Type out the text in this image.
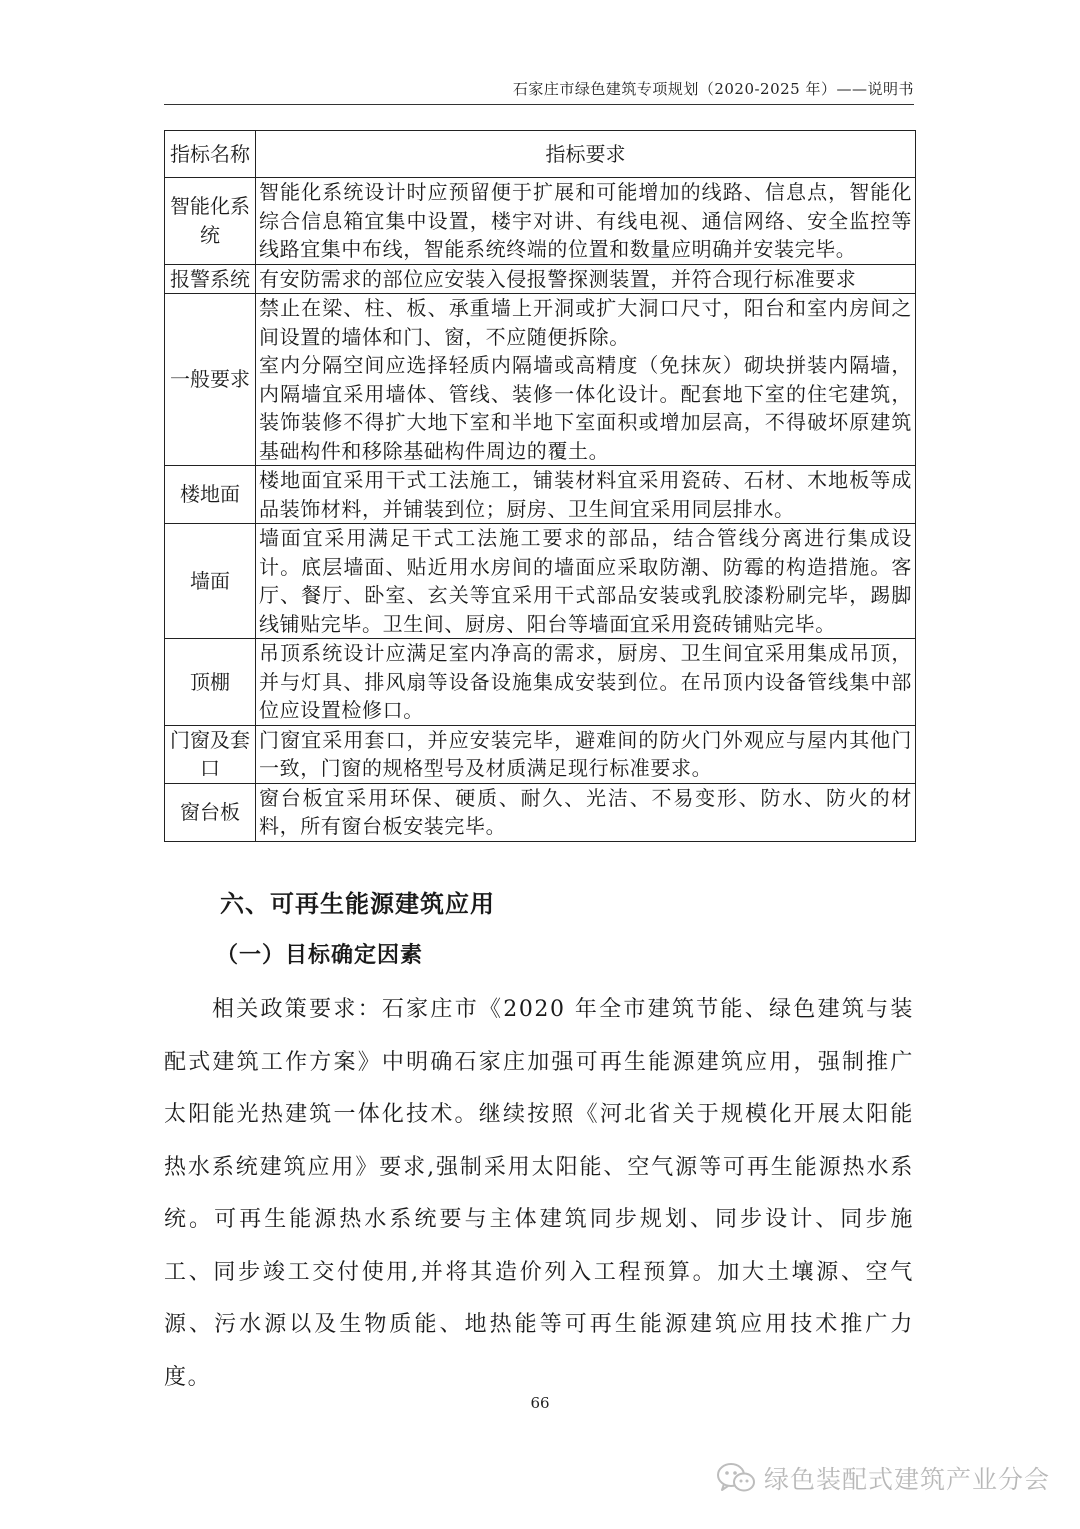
石家庄市绿色建筑专项规划（2020-2025 年）——说明书
指标名称	指标要求
智能化系统	智能化系统设计时应预留便于扩展和可能增加的线路、信息点，智能化综合信息箱宜集中设置，楼宇对讲、有线电视、通信网络、安全监控等线路宜集中布线，智能系统终端的位置和数量应明确并安装完毕。

报警系统	有安防需求的部位应安装入侵报警探测装置，并符合现行标准要求

一般要求	禁止在梁、柱、板、承重墙上开洞或扩大洞口尺寸，阳台和室内房间之间设置的墙体和门、窗，不应随便拆除。
室内分隔空间应选择轻质内隔墙或高精度（免抹灰）砌块拼装内隔墙，内隔墙宜采用墙体、管线、装修一体化设计。配套地下室的住宅建筑，装饰装修不得扩大地下室和半地下室面积或增加层高，不得破坏原建筑基础构件和移除基础构件周边的覆土。

楼地面	楼地面宜采用干式工法施工，铺装材料宜采用瓷砖、石材、木地板等成品装饰材料，并铺装到位；厨房、卫生间宜采用同层排水。

墙面	墙面宜采用满足干式工法施工要求的部品，结合管线分离进行集成设计。底层墙面、贴近用水房间的墙面应采取防潮、防霉的构造措施。客厅、餐厅、卧室、玄关等宜采用干式部品安装或乳胶漆粉刷完毕，踢脚线铺贴完毕。卫生间、厨房、阳台等墙面宜采用瓷砖铺贴完毕。

顶棚	吊顶系统设计应满足室内净高的需求，厨房、卫生间宜采用集成吊顶，并与灯具、排风扇等设备设施集成安装到位。在吊顶内设备管线集中部位应设置检修口。

门窗及套口	门窗宜采用套口，并应安装完毕，避难间的防火门外观应与屋内其他门一致，门窗的规格型号及材质满足现行标准要求。

窗台板	窗台板宜采用环保、硬质、耐久、光洁、不易变形、防水、防火的材料，所有窗台板安装完毕。
六、可再生能源建筑应用
（一）目标确定因素
相关政策要求：石家庄市《2020 年全市建筑节能、绿色建筑与装配式建筑工作方案》中明确石家庄加强可再生能源建筑应用，强制推广太阳能光热建筑一体化技术。继续按照《河北省关于规模化开展太阳能热水系统建筑应用》要求,强制采用太阳能、空气源等可再生能源热水系统。可再生能源热水系统要与主体建筑同步规划、同步设计、同步施工、同步竣工交付使用,并将其造价列入工程预算。加大土壤源、空气源、污水源以及生物质能、地热能等可再生能源建筑应用技术推广力度。
66
绿色装配式建筑产业分会
